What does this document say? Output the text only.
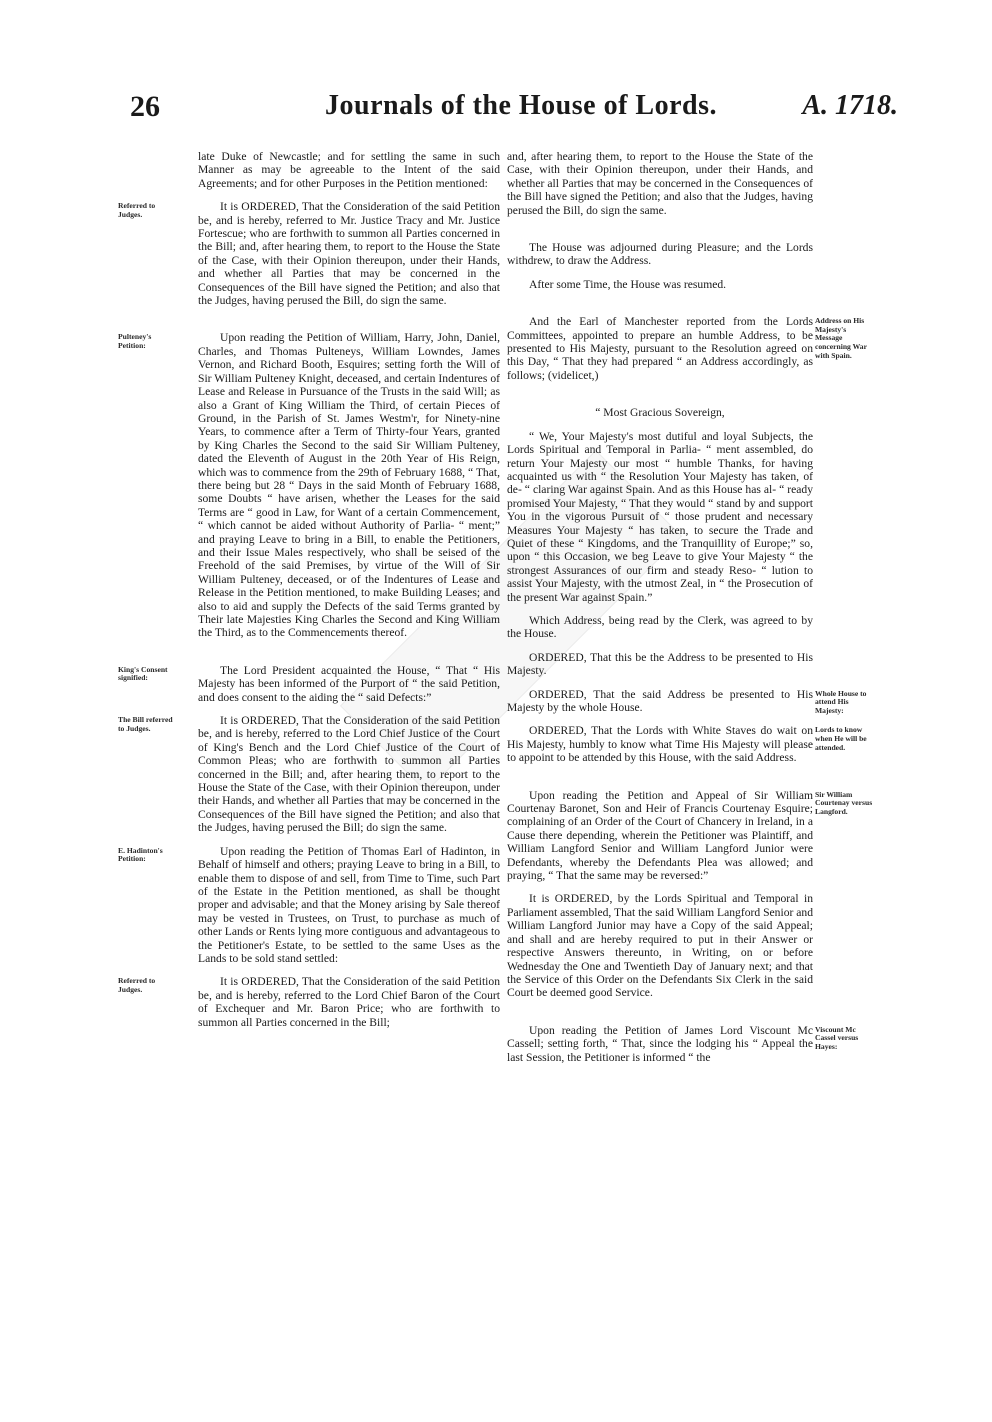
26	Journals of the House of Lords.	A. 1718.

late Duke of Newcastle; and for settling the same in such Manner as may be agreeable to the Intent of the said Agreements; and for other Purposes in the Petition mentioned:

Referred to Judges.
It is ORDERED, That the Consideration of the said Petition be, and is hereby, referred to Mr. Justice Tracy and Mr. Justice Fortescue; who are forthwith to summon all Parties concerned in the Bill; and, after hearing them, to report to the House the State of the Case, with their Opinion thereupon, under their Hands, and whether all Parties that may be concerned in the Consequences of the Bill have signed the Petition; and also that the Judges, having perused the Bill, do sign the same.

Pulteney's Petition:
Upon reading the Petition of William, Harry, John, Daniel, Charles, and Thomas Pulteneys, William Lowndes, James Vernon, and Richard Booth, Esquires; setting forth the Will of Sir William Pulteney Knight, deceased, and certain Indentures of Lease and Release in Pursuance of the Trusts in the said Will; as also a Grant of King William the Third, of certain Pieces of Ground, in the Parish of St. James Westm'r, for Ninety-nine Years, to commence after a Term of Thirty-four Years, granted by King Charles the Second to the said Sir William Pulteney, dated the Eleventh of August in the 20th Year of His Reign, which was to commence from the 29th of February 1688, “ That, there being but 28 “ Days in the said Month of February 1688, some Doubts “ have arisen, whether the Leases for the said Terms are “ good in Law, for Want of a certain Commencement, “ which cannot be aided without Authority of Parlia- “ ment;” and praying Leave to bring in a Bill, to enable the Petitioners, and their Issue Males respectively, who shall be seised of the Freehold of the said Premises, by virtue of the Will of Sir William Pulteney, deceased, or of the Indentures of Lease and Release in the Petition mentioned, to make Building Leases; and also to aid and supply the Defects of the said Terms granted by Their late Majesties King Charles the Second and King William the Third, as to the Commencements thereof.

King's Consent signified:
The Lord President acquainted the House, “ That “ His Majesty has been informed of the Purport of “ the said Petition, and does consent to the aiding the “ said Defects:”

The Bill referred to Judges.
It is ORDERED, That the Consideration of the said Petition be, and is hereby, referred to the Lord Chief Justice of the Court of King's Bench and the Lord Chief Justice of the Court of Common Pleas; who are forthwith to summon all Parties concerned in the Bill; and, after hearing them, to report to the House the State of the Case, with their Opinion thereupon, under their Hands, and whether all Parties that may be concerned in the Consequences of the Bill have signed the Petition; and also that the Judges, having perused the Bill; do sign the same.

E. Hadinton's Petition:
Upon reading the Petition of Thomas Earl of Hadinton, in Behalf of himself and others; praying Leave to bring in a Bill, to enable them to dispose of and sell, from Time to Time, such Part of the Estate in the Petition mentioned, as shall be thought proper and advisable; and that the Money arising by Sale thereof may be vested in Trustees, on Trust, to purchase as much of other Lands or Rents lying more contiguous and advantageous to the Petitioner's Estate, to be settled to the same Uses as the Lands to be sold stand settled:

Referred to Judges.
It is ORDERED, That the Consideration of the said Petition be, and is hereby, referred to the Lord Chief Baron of the Court of Exchequer and Mr. Baron Price; who are forthwith to summon all Parties concerned in the Bill;

and, after hearing them, to report to the House the State of the Case, with their Opinion thereupon, under their Hands, and whether all Parties that may be concerned in the Consequences of the Bill have signed the Petition; and also that the Judges, having perused the Bill, do sign the same.

The House was adjourned during Pleasure; and the Lords withdrew, to draw the Address.

After some Time, the House was resumed.

Address on His Majesty's Message concerning War with Spain.
And the Earl of Manchester reported from the Lords Committees, appointed to prepare an humble Address, to be presented to His Majesty, pursuant to the Resolution agreed on this Day, “ That they had prepared “ an Address accordingly, as follows; (videlicet,)

“ Most Gracious Sovereign,

“ We, Your Majesty's most dutiful and loyal Subjects, the Lords Spiritual and Temporal in Parlia- “ ment assembled, do return Your Majesty our most “ humble Thanks, for having acquainted us with “ the Resolution Your Majesty has taken, of de- “ claring War against Spain. And as this House has al- “ ready promised Your Majesty, “ That they would “ stand by and support You in the vigorous Pursuit of “ those prudent and necessary Measures Your Majesty “ has taken, to secure the Trade and Quiet of these “ Kingdoms, and the Tranquillity of Europe;” so, upon “ this Occasion, we beg Leave to give Your Majesty “ the strongest Assurances of our firm and steady Reso- “ lution to assist Your Majesty, with the utmost Zeal, in “ the Prosecution of the present War against Spain.”

Which Address, being read by the Clerk, was agreed to by the House.

ORDERED, That this be the Address to be presented to His Majesty.

Whole House to attend His Majesty:
ORDERED, That the said Address be presented to His Majesty by the whole House.

Lords to know when He will be attended.
ORDERED, That the Lords with White Staves do wait on His Majesty, humbly to know what Time His Majesty will please to appoint to be attended by this House, with the said Address.

Sir William Courtenay versus Langford.
Upon reading the Petition and Appeal of Sir William Courtenay Baronet, Son and Heir of Francis Courtenay Esquire; complaining of an Order of the Court of Chancery in Ireland, in a Cause there depending, wherein the Petitioner was Plaintiff, and William Langford Senior and William Langford Junior were Defendants, whereby the Defendants Plea was allowed; and praying, “ That the same may be reversed:”

It is ORDERED, by the Lords Spiritual and Temporal in Parliament assembled, That the said William Langford Senior and William Langford Junior may have a Copy of the said Appeal; and shall and are hereby required to put in their Answer or respective Answers thereunto, in Writing, on or before Wednesday the One and Twentieth Day of January next; and that the Service of this Order on the Defendants Six Clerk in the said Court be deemed good Service.

Viscount Mc Cassel versus Hayes:
Upon reading the Petition of James Lord Viscount Mc Cassell; setting forth, “ That, since the lodging his “ Appeal the last Session, the Petitioner is informed “ the
